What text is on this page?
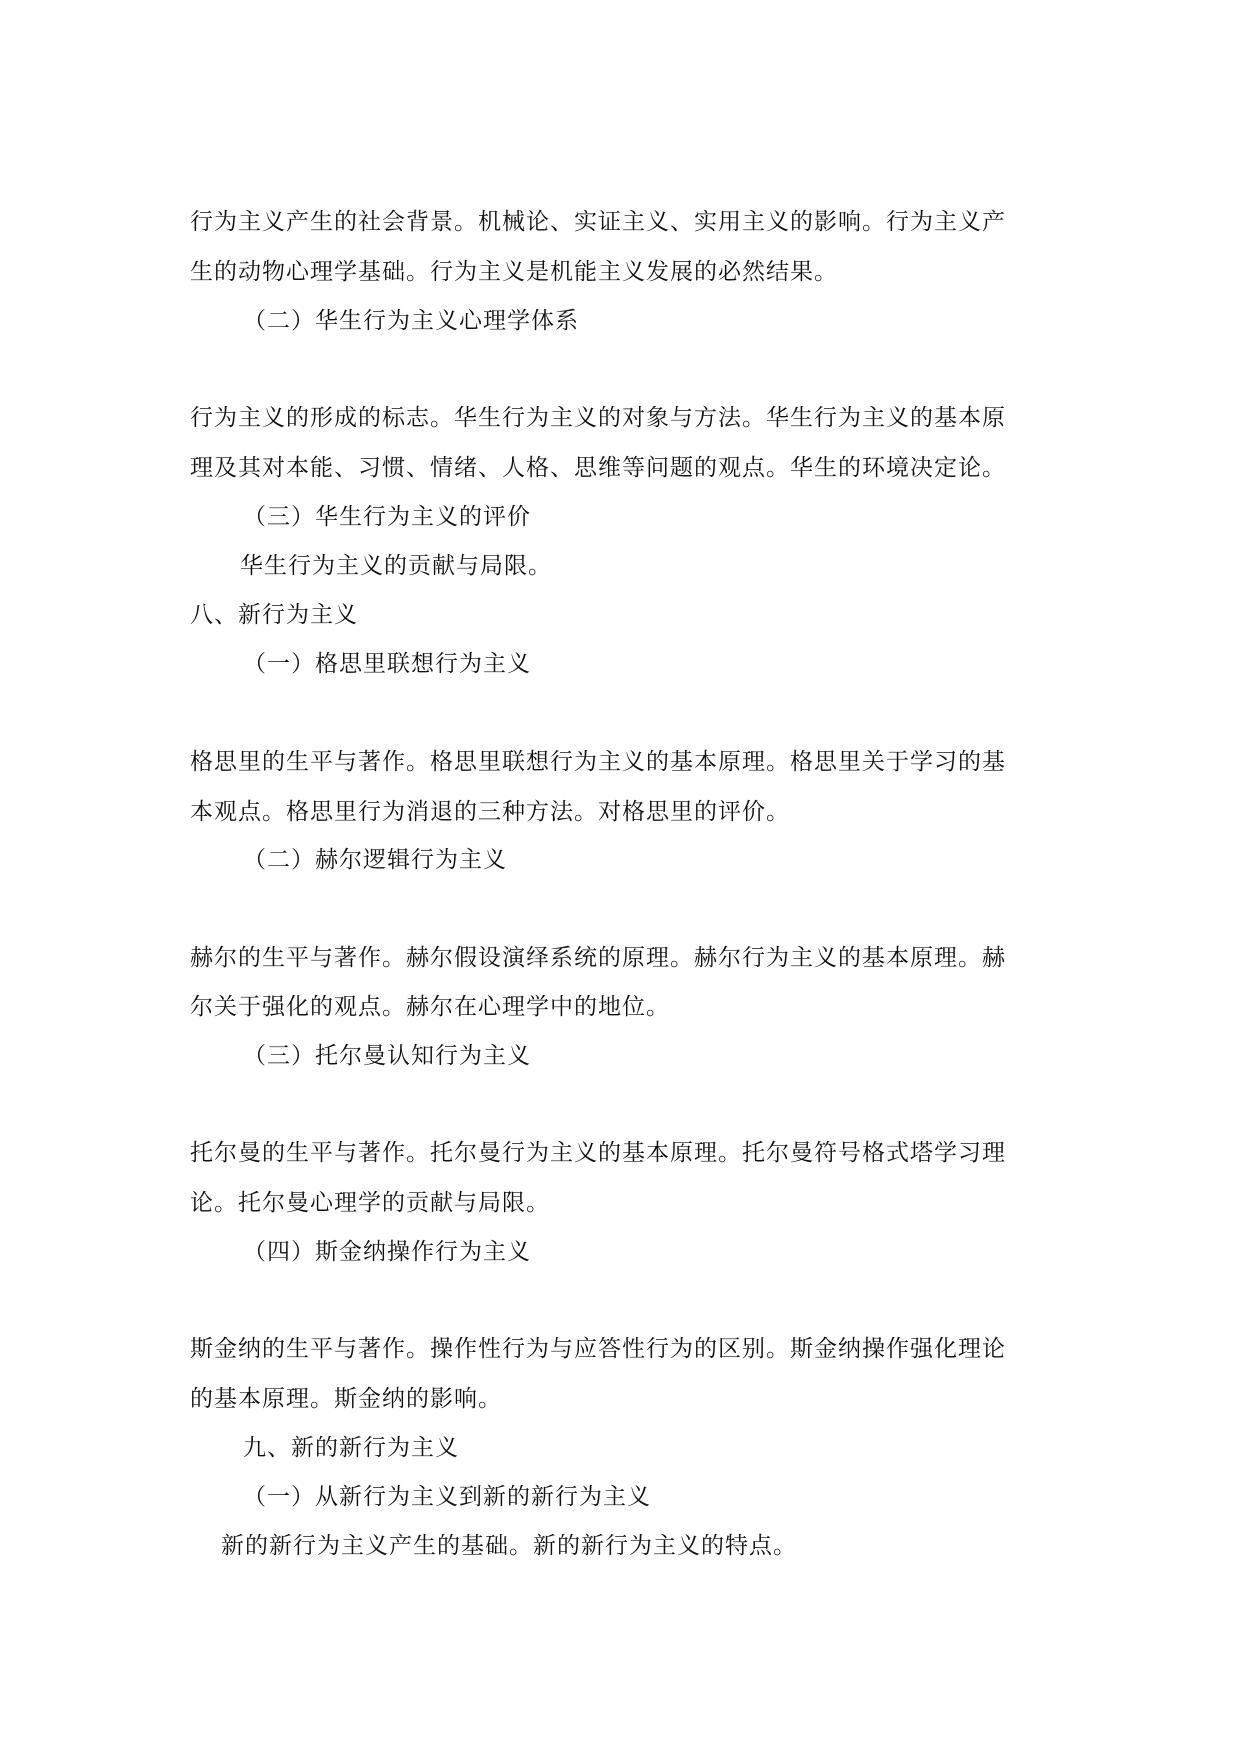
行为主义产生的社会背景。机械论、实证主义、实用主义的影响。行为主义产
生的动物心理学基础。行为主义是机能主义发展的必然结果。
（二）华生行为主义心理学体系
行为主义的形成的标志。华生行为主义的对象与方法。华生行为主义的基本原
理及其对本能、习惯、情绪、人格、思维等问题的观点。华生的环境决定论。
（三）华生行为主义的评价
华生行为主义的贡献与局限。
八、新行为主义
（一）格思里联想行为主义
格思里的生平与著作。格思里联想行为主义的基本原理。格思里关于学习的基
本观点。格思里行为消退的三种方法。对格思里的评价。
（二）赫尔逻辑行为主义
赫尔的生平与著作。赫尔假设演绎系统的原理。赫尔行为主义的基本原理。赫
尔关于强化的观点。赫尔在心理学中的地位。
（三）托尔曼认知行为主义
托尔曼的生平与著作。托尔曼行为主义的基本原理。托尔曼符号格式塔学习理
论。托尔曼心理学的贡献与局限。
（四）斯金纳操作行为主义
斯金纳的生平与著作。操作性行为与应答性行为的区别。斯金纳操作强化理论
的基本原理。斯金纳的影响。
九、新的新行为主义
（一）从新行为主义到新的新行为主义
新的新行为主义产生的基础。新的新行为主义的特点。
